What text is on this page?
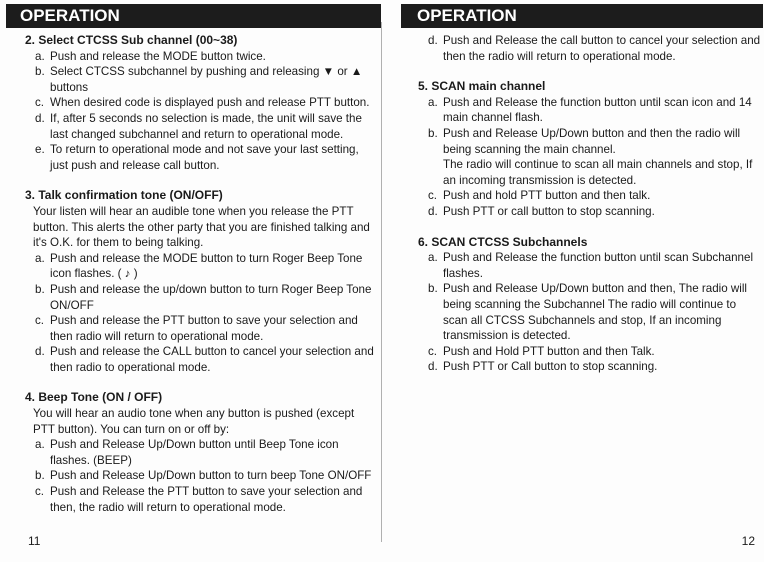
OPERATION
2. Select CTCSS Sub channel (00~38)
a. Push and release the MODE button twice.
b. Select CTCSS subchannel by pushing and releasing ▼ or ▲ buttons
c. When desired code is displayed push and release PTT button.
d. If, after 5 seconds no selection is made, the unit will save the last changed subchannel and return to operational mode.
e. To return to operational mode and not save your last setting, just push and release call button.
3. Talk confirmation tone (ON/OFF)
Your listen will hear an audible tone when you release the PTT button. This alerts the other party that you are finished talking and it's O.K. for them to being talking.
a. Push and release the MODE button to turn Roger Beep Tone icon flashes. ( ♪ )
b. Push and release the up/down button to turn Roger Beep Tone ON/OFF
c. Push and release the PTT button to save your selection and then radio will return to operational mode.
d. Push and release the CALL button to cancel your selection and then radio to operational mode.
4. Beep Tone (ON / OFF)
You will hear an audio tone when any button is pushed (except PTT button). You can turn on or off by:
a. Push and Release Up/Down button until Beep Tone icon flashes. (BEEP)
b. Push and Release Up/Down button to turn beep Tone ON/OFF
c. Push and Release the PTT button to save your selection and then, the radio will return to operational mode.
11
OPERATION
d. Push and Release the call button to cancel your selection and then the radio will return to operational mode.
5. SCAN main channel
a. Push and Release the function button until scan icon and 14 main channel flash.
b. Push and Release Up/Down button and then the radio will being scanning the main channel.
The radio will continue to scan all main channels and stop, If an incoming transmission is detected.
c. Push and hold PTT button and then talk.
d. Push PTT or call button to stop scanning.
6. SCAN CTCSS Subchannels
a. Push and Release the function button until scan Subchannel flashes.
b. Push and Release Up/Down button and then, The radio will being scanning the Subchannel The radio will continue to scan all CTCSS Subchannels and stop, If an incoming transmission is detected.
c. Push and Hold PTT button and then Talk.
d. Push PTT or Call button to stop scanning.
12
